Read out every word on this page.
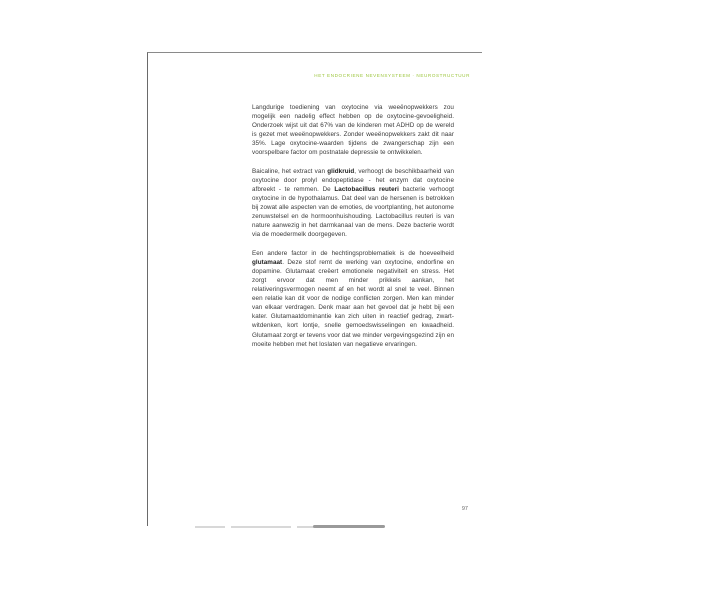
HET ENDOCRIENE NEVENSYSTEEM · NEUROSTRUCTUUR

Langdurige toediening van oxytocine via weeënopwekkers zou mogelijk een nadelig effect hebben op de oxytocine-gevoeligheid. Onderzoek wijst uit dat 67% van de kinderen met ADHD op de wereld is gezet met weeënopwekkers. Zonder weeënopwekkers zakt dit naar 35%. Lage oxytocine-waarden tijdens de zwangerschap zijn een voorspelbare factor om postnatale depressie te ontwikkelen.

Baicaline, het extract van glidkruid, verhoogt de beschikbaarheid van oxytocine door prolyl endopeptidase - het enzym dat oxytocine afbreekt - te remmen. De Lactobacillus reuteri bacterie verhoogt oxytocine in de hypothalamus. Dat deel van de hersenen is betrokken bij zowat alle aspecten van de emoties, de voortplanting, het autonome zenuwstelsel en de hormoonhuishouding. Lactobacillus reuteri is van nature aanwezig in het darmkanaal van de mens. Deze bacterie wordt via de moedermelk doorgegeven.

Een andere factor in de hechtingsproblematiek is de hoeveelheid glutamaat. Deze stof remt de werking van oxytocine, endorfine en dopamine. Glutamaat creëert emotionele negativiteit en stress. Het zorgt ervoor dat men minder prikkels aankan, het relativeringsvermogen neemt af en het wordt al snel te veel. Binnen een relatie kan dit voor de nodige conflicten zorgen. Men kan minder van elkaar verdragen. Denk maar aan het gevoel dat je hebt bij een kater. Glutamaatdominantie kan zich uiten in reactief gedrag, zwart-witdenken, kort lontje, snelle gemoedswisselingen en kwaadheid. Glutamaat zorgt er tevens voor dat we minder vergevingsgezind zijn en moeite hebben met het loslaten van negatieve ervaringen.

97
